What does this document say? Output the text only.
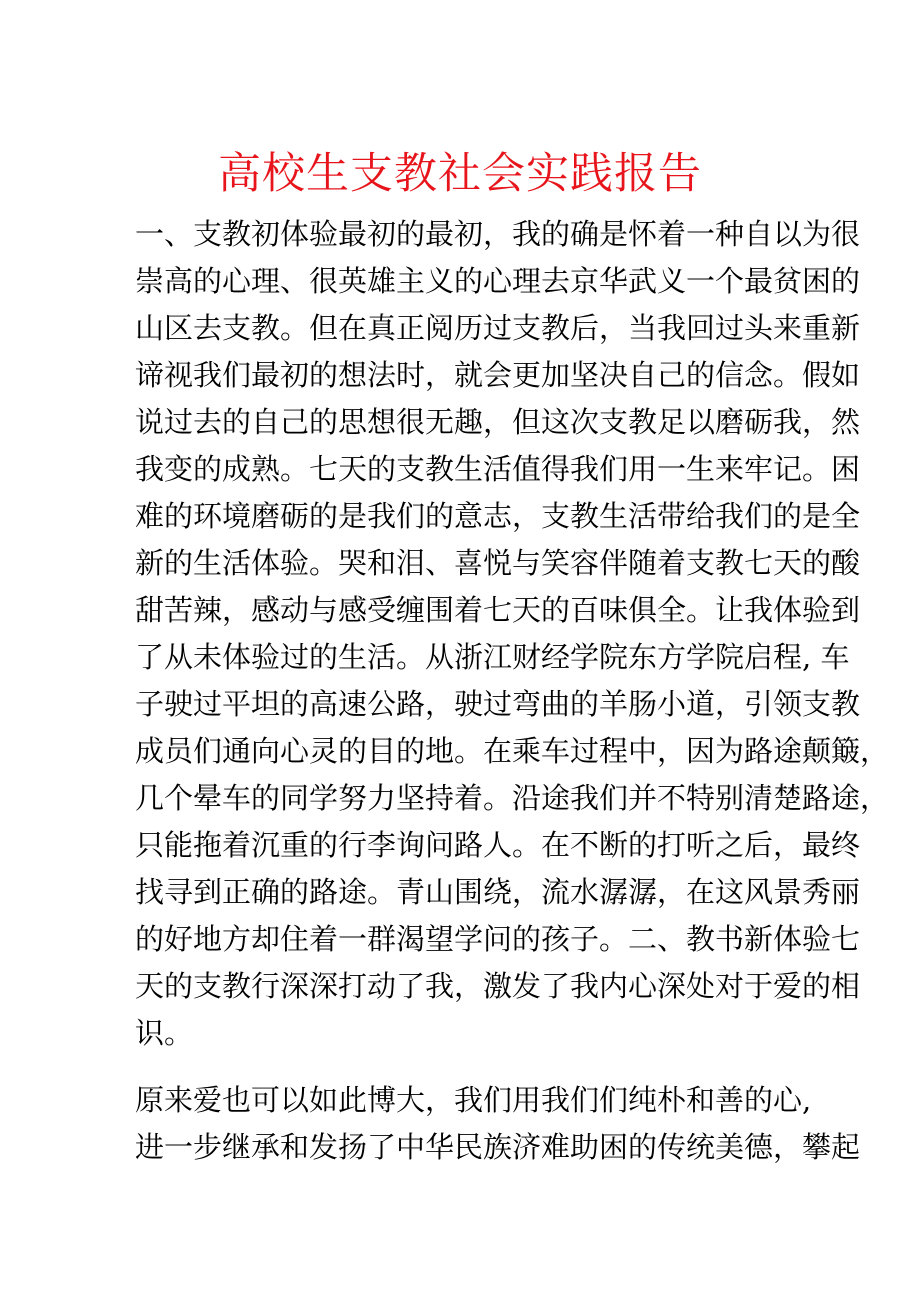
高校生支教社会实践报告
一、支教初体验最初的最初，我的确是怀着一种自以为很
崇高的心理、很英雄主义的心理去京华武义一个最贫困的
山区去支教。但在真正阅历过支教后，当我回过头来重新
谛视我们最初的想法时，就会更加坚决自己的信念。假如
说过去的自己的思想很无趣，但这次支教足以磨砺我，然
我变的成熟。七天的支教生活值得我们用一生来牢记。困
难的环境磨砺的是我们的意志，支教生活带给我们的是全
新的生活体验。哭和泪、喜悦与笑容伴随着支教七天的酸
甜苦辣，感动与感受缠围着七天的百味俱全。让我体验到
了从未体验过的生活。从浙江财经学院东方学院启程, 车
子驶过平坦的高速公路，驶过弯曲的羊肠小道，引领支教
成员们通向心灵的目的地。在乘车过程中，因为路途颠簸，
几个晕车的同学努力坚持着。沿途我们并不特别清楚路途，
只能拖着沉重的行李询问路人。在不断的打听之后，最终
找寻到正确的路途。青山围绕，流水潺潺，在这风景秀丽
的好地方却住着一群渴望学问的孩子。二、教书新体验七
天的支教行深深打动了我，激发了我内心深处对于爱的相
识。
原来爱也可以如此博大，我们用我们们纯朴和善的心,
进一步继承和发扬了中华民族济难助困的传统美德，攀起
